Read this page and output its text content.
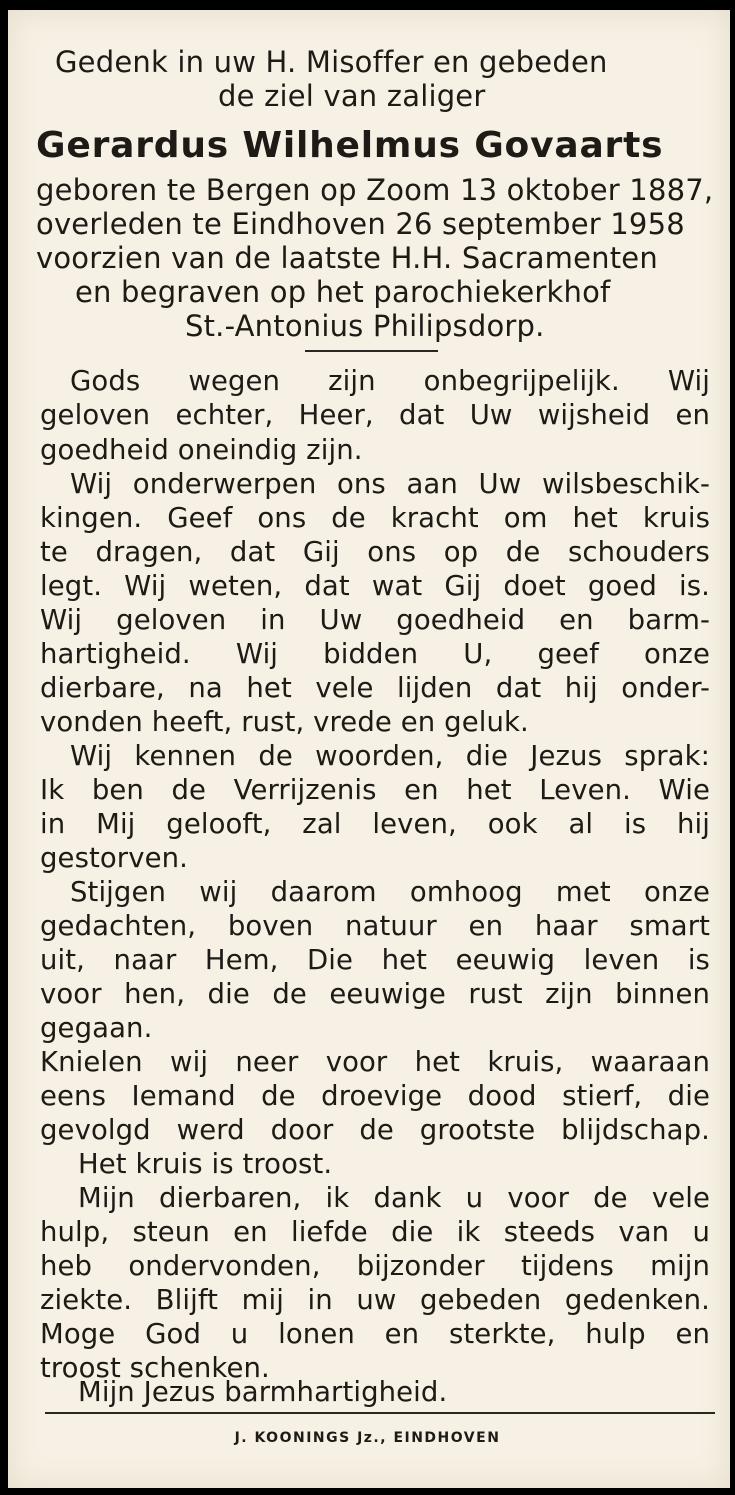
Gedenk in uw H. Misoffer en gebeden

de ziel van zaliger

Gerardus Wilhelmus Govaarts

geboren te Bergen op Zoom 13 oktober 1887,

overleden te Eindhoven 26 september 1958

voorzien van de laatste H.H. Sacramenten

en begraven op het parochiekerkhof

St.-Antonius Philipsdorp.

Gods wegen zijn onbegrijpelijk. Wij

geloven echter, Heer, dat Uw wijsheid en

goedheid oneindig zijn.

Wij onderwerpen ons aan Uw wilsbeschik-

kingen. Geef ons de kracht om het kruis

te dragen, dat Gij ons op de schouders

legt. Wij weten, dat wat Gij doet goed is.

Wij geloven in Uw goedheid en barm-

hartigheid. Wij bidden U, geef onze

dierbare, na het vele lijden dat hij onder-

vonden heeft, rust, vrede en geluk.

Wij kennen de woorden, die Jezus sprak:

Ik ben de Verrijzenis en het Leven. Wie

in Mij gelooft, zal leven, ook al is hij

gestorven.

Stijgen wij daarom omhoog met onze

gedachten, boven natuur en haar smart

uit, naar Hem, Die het eeuwig leven is

voor hen, die de eeuwige rust zijn binnen

gegaan.

Knielen wij neer voor het kruis, waaraan

eens Iemand de droevige dood stierf, die

gevolgd werd door de grootste blijdschap.

Het kruis is troost.

Mijn dierbaren, ik dank u voor de vele

hulp, steun en liefde die ik steeds van u

heb ondervonden, bijzonder tijdens mijn

ziekte. Blijft mij in uw gebeden gedenken.

Moge God u lonen en sterkte, hulp en

troost schenken.

Mijn Jezus barmhartigheid.

J. KOONINGS Jz., EINDHOVEN
